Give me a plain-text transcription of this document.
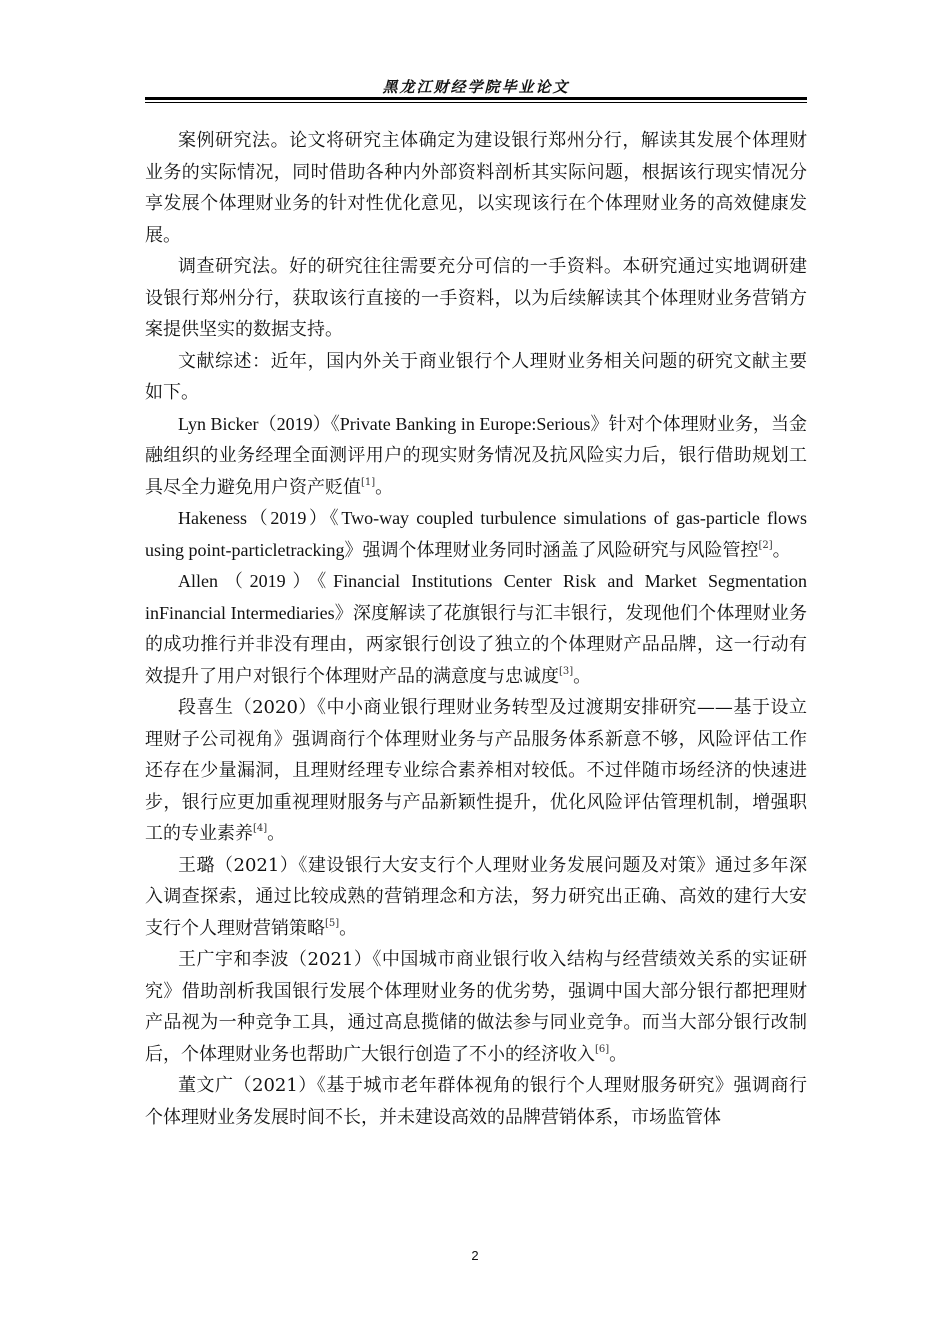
黑龙江财经学院毕业论文

案例研究法。论文将研究主体确定为建设银行郑州分行，解读其发展个体理财业务的实际情况，同时借助各种内外部资料剖析其实际问题，根据该行现实情况分享发展个体理财业务的针对性优化意见，以实现该行在个体理财业务的高效健康发展。

调查研究法。好的研究往往需要充分可信的一手资料。本研究通过实地调研建设银行郑州分行，获取该行直接的一手资料，以为后续解读其个体理财业务营销方案提供坚实的数据支持。

文献综述：近年，国内外关于商业银行个人理财业务相关问题的研究文献主要如下。

Lyn Bicker（2019）《Private Banking in Europe:Serious》针对个体理财业务，当金融组织的业务经理全面测评用户的现实财务情况及抗风险实力后，银行借助规划工具尽全力避免用户资产贬值[1]。

Hakeness（2019）《Two-way coupled turbulence simulations of gas-particle flows using point-particletracking》强调个体理财业务同时涵盖了风险研究与风险管控[2]。

Allen（2019）《Financial Institutions Center Risk and Market Segmentation inFinancial Intermediaries》深度解读了花旗银行与汇丰银行，发现他们个体理财业务的成功推行并非没有理由，两家银行创设了独立的个体理财产品品牌，这一行动有效提升了用户对银行个体理财产品的满意度与忠诚度[3]。

段喜生（2020）《中小商业银行理财业务转型及过渡期安排研究——基于设立理财子公司视角》强调商行个体理财业务与产品服务体系新意不够，风险评估工作还存在少量漏洞，且理财经理专业综合素养相对较低。不过伴随市场经济的快速进步，银行应更加重视理财服务与产品新颖性提升，优化风险评估管理机制，增强职工的专业素养[4]。

王璐（2021）《建设银行大安支行个人理财业务发展问题及对策》通过多年深入调查探索，通过比较成熟的营销理念和方法，努力研究出正确、高效的建行大安支行个人理财营销策略[5]。

王广宇和李波（2021）《中国城市商业银行收入结构与经营绩效关系的实证研究》借助剖析我国银行发展个体理财业务的优劣势，强调中国大部分银行都把理财产品视为一种竞争工具，通过高息揽储的做法参与同业竞争。而当大部分银行改制后，个体理财业务也帮助广大银行创造了不小的经济收入[6]。

董文广（2021）《基于城市老年群体视角的银行个人理财服务研究》强调商行个体理财业务发展时间不长，并未建设高效的品牌营销体系，市场监管体

2
